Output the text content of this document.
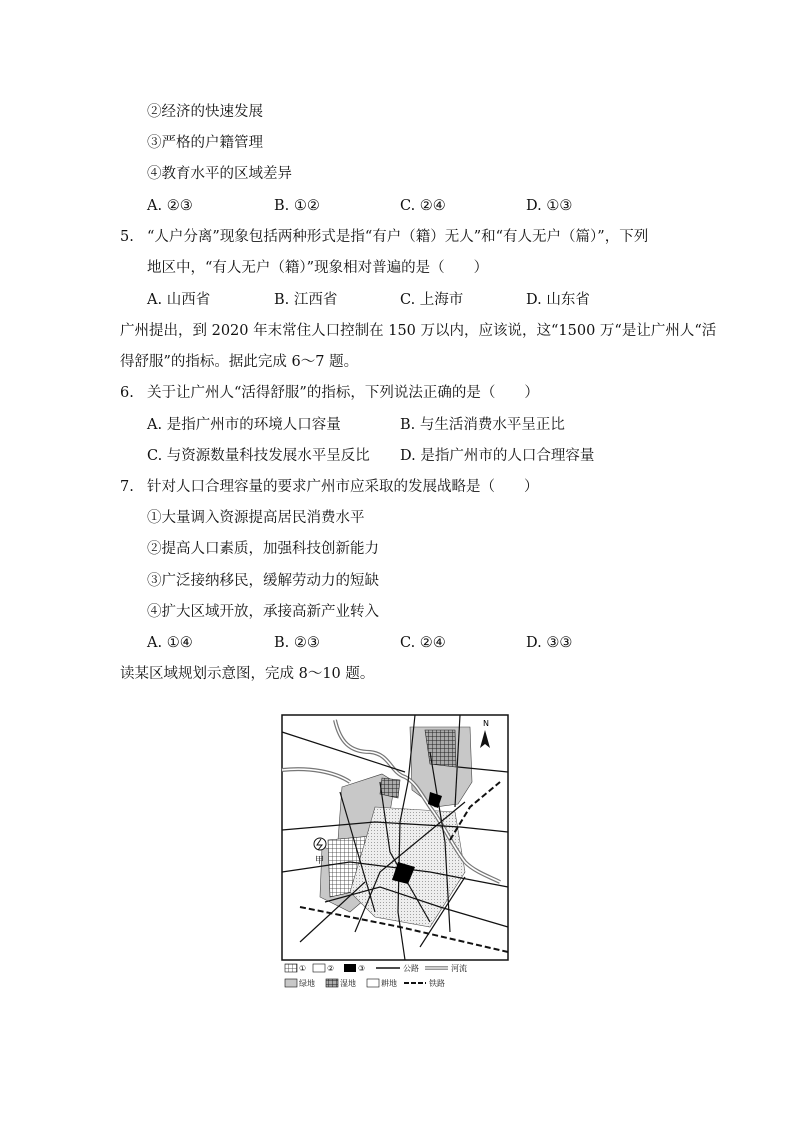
②经济的快速发展
③严格的户籍管理
④教育水平的区域差异
A. ②③	B. ①②	C. ②④	D. ①③
5. “人户分离”现象包括两种形式是指“有户（籍）无人”和“有人无户（篇）”，下列
地区中，“有人无户（籍）”现象相对普遍的是（　　）
A. 山西省	B. 江西省	C. 上海市	D. 山东省
广州提出，到 2020 年末常住人口控制在 150 万以内，应该说，这“1500 万“是让广州人“活
得舒服”的指标。据此完成 6～7 题。
6. 关于让广州人“活得舒服”的指标，下列说法正确的是（　　）
A. 是指广州市的环境人口容量	B. 与生活消费水平呈正比
C. 与资源数量科技发展水平呈反比 D. 是指广州市的人口合理容量
7. 针对人口合理容量的要求广州市应采取的发展战略是（　　）
①大量调入资源提高居民消费水平
②提高人口素质，加强科技创新能力
③广泛接纳移民，缓解劳动力的短缺
④扩大区域开放，承接高新产业转入
A. ①④	B. ②③	C. ②④	D. ③③
读某区域规划示意图，完成 8～10 题。
甲
N
①	②	③	公路	河流
绿地	湿地	耕地	铁路
